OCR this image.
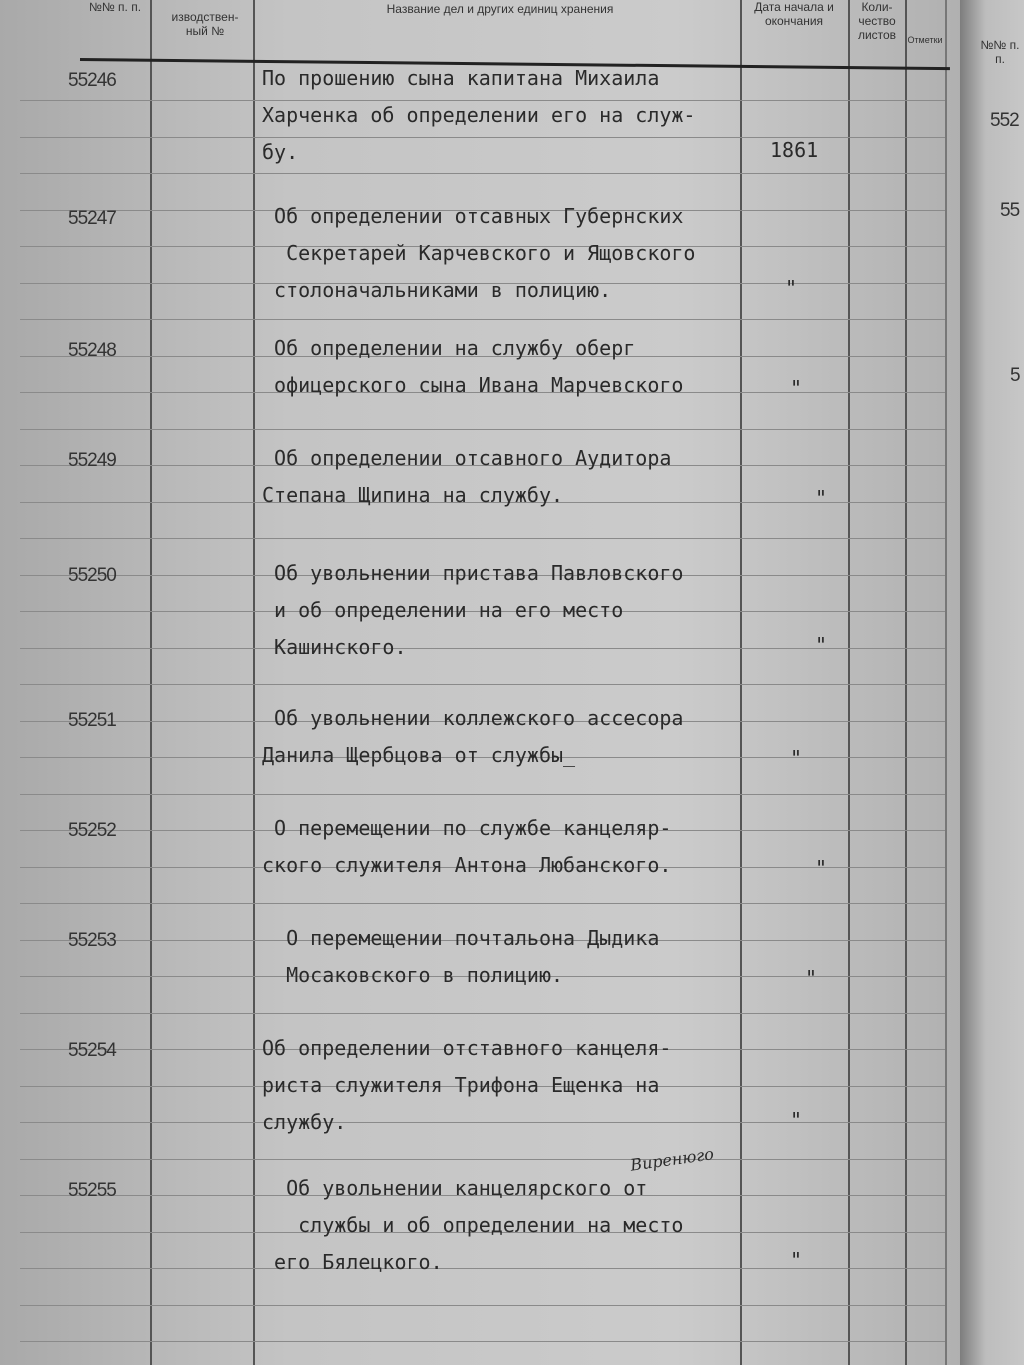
№№ п. п.
552
55
5
№№ п. п.
изводствен- ный №
Название дел и других единиц хранения	Дата начала и окончания
Коли- чество листов	Отметки
55246	По прошению сына капитана Михаила
Харченка об определении его на служ-
бу.	1861
55247	Об определении отсавных Губернских
Секретарей Карчевского и Ящовского
столоначальниками в полицию.	"
55248	Об определении на службу оберг
офицерского сына Ивана Марчевского	"
55249	Об определении отсавного Аудитора
Степана Щипина на службу.	"
55250	Об увольнении пристава Павловского
и об определении на его место
Кашинского.	"
55251	Об увольнении коллежского ассесора
Данила Щербцова от службы_	"
55252	О перемещении по службе канцеляр-
ского служителя Антона Любанского.	"
55253	О перемещении почтальона Дыдика
Мосаковского в полицию.	"
55254	Об определении отставного канцеля-
риста служителя Трифона Ещенка на
службу.	"
55255	Об увольнении канцелярского от
службы и об определении на место
его Бялецкого.	"
Виренюго
